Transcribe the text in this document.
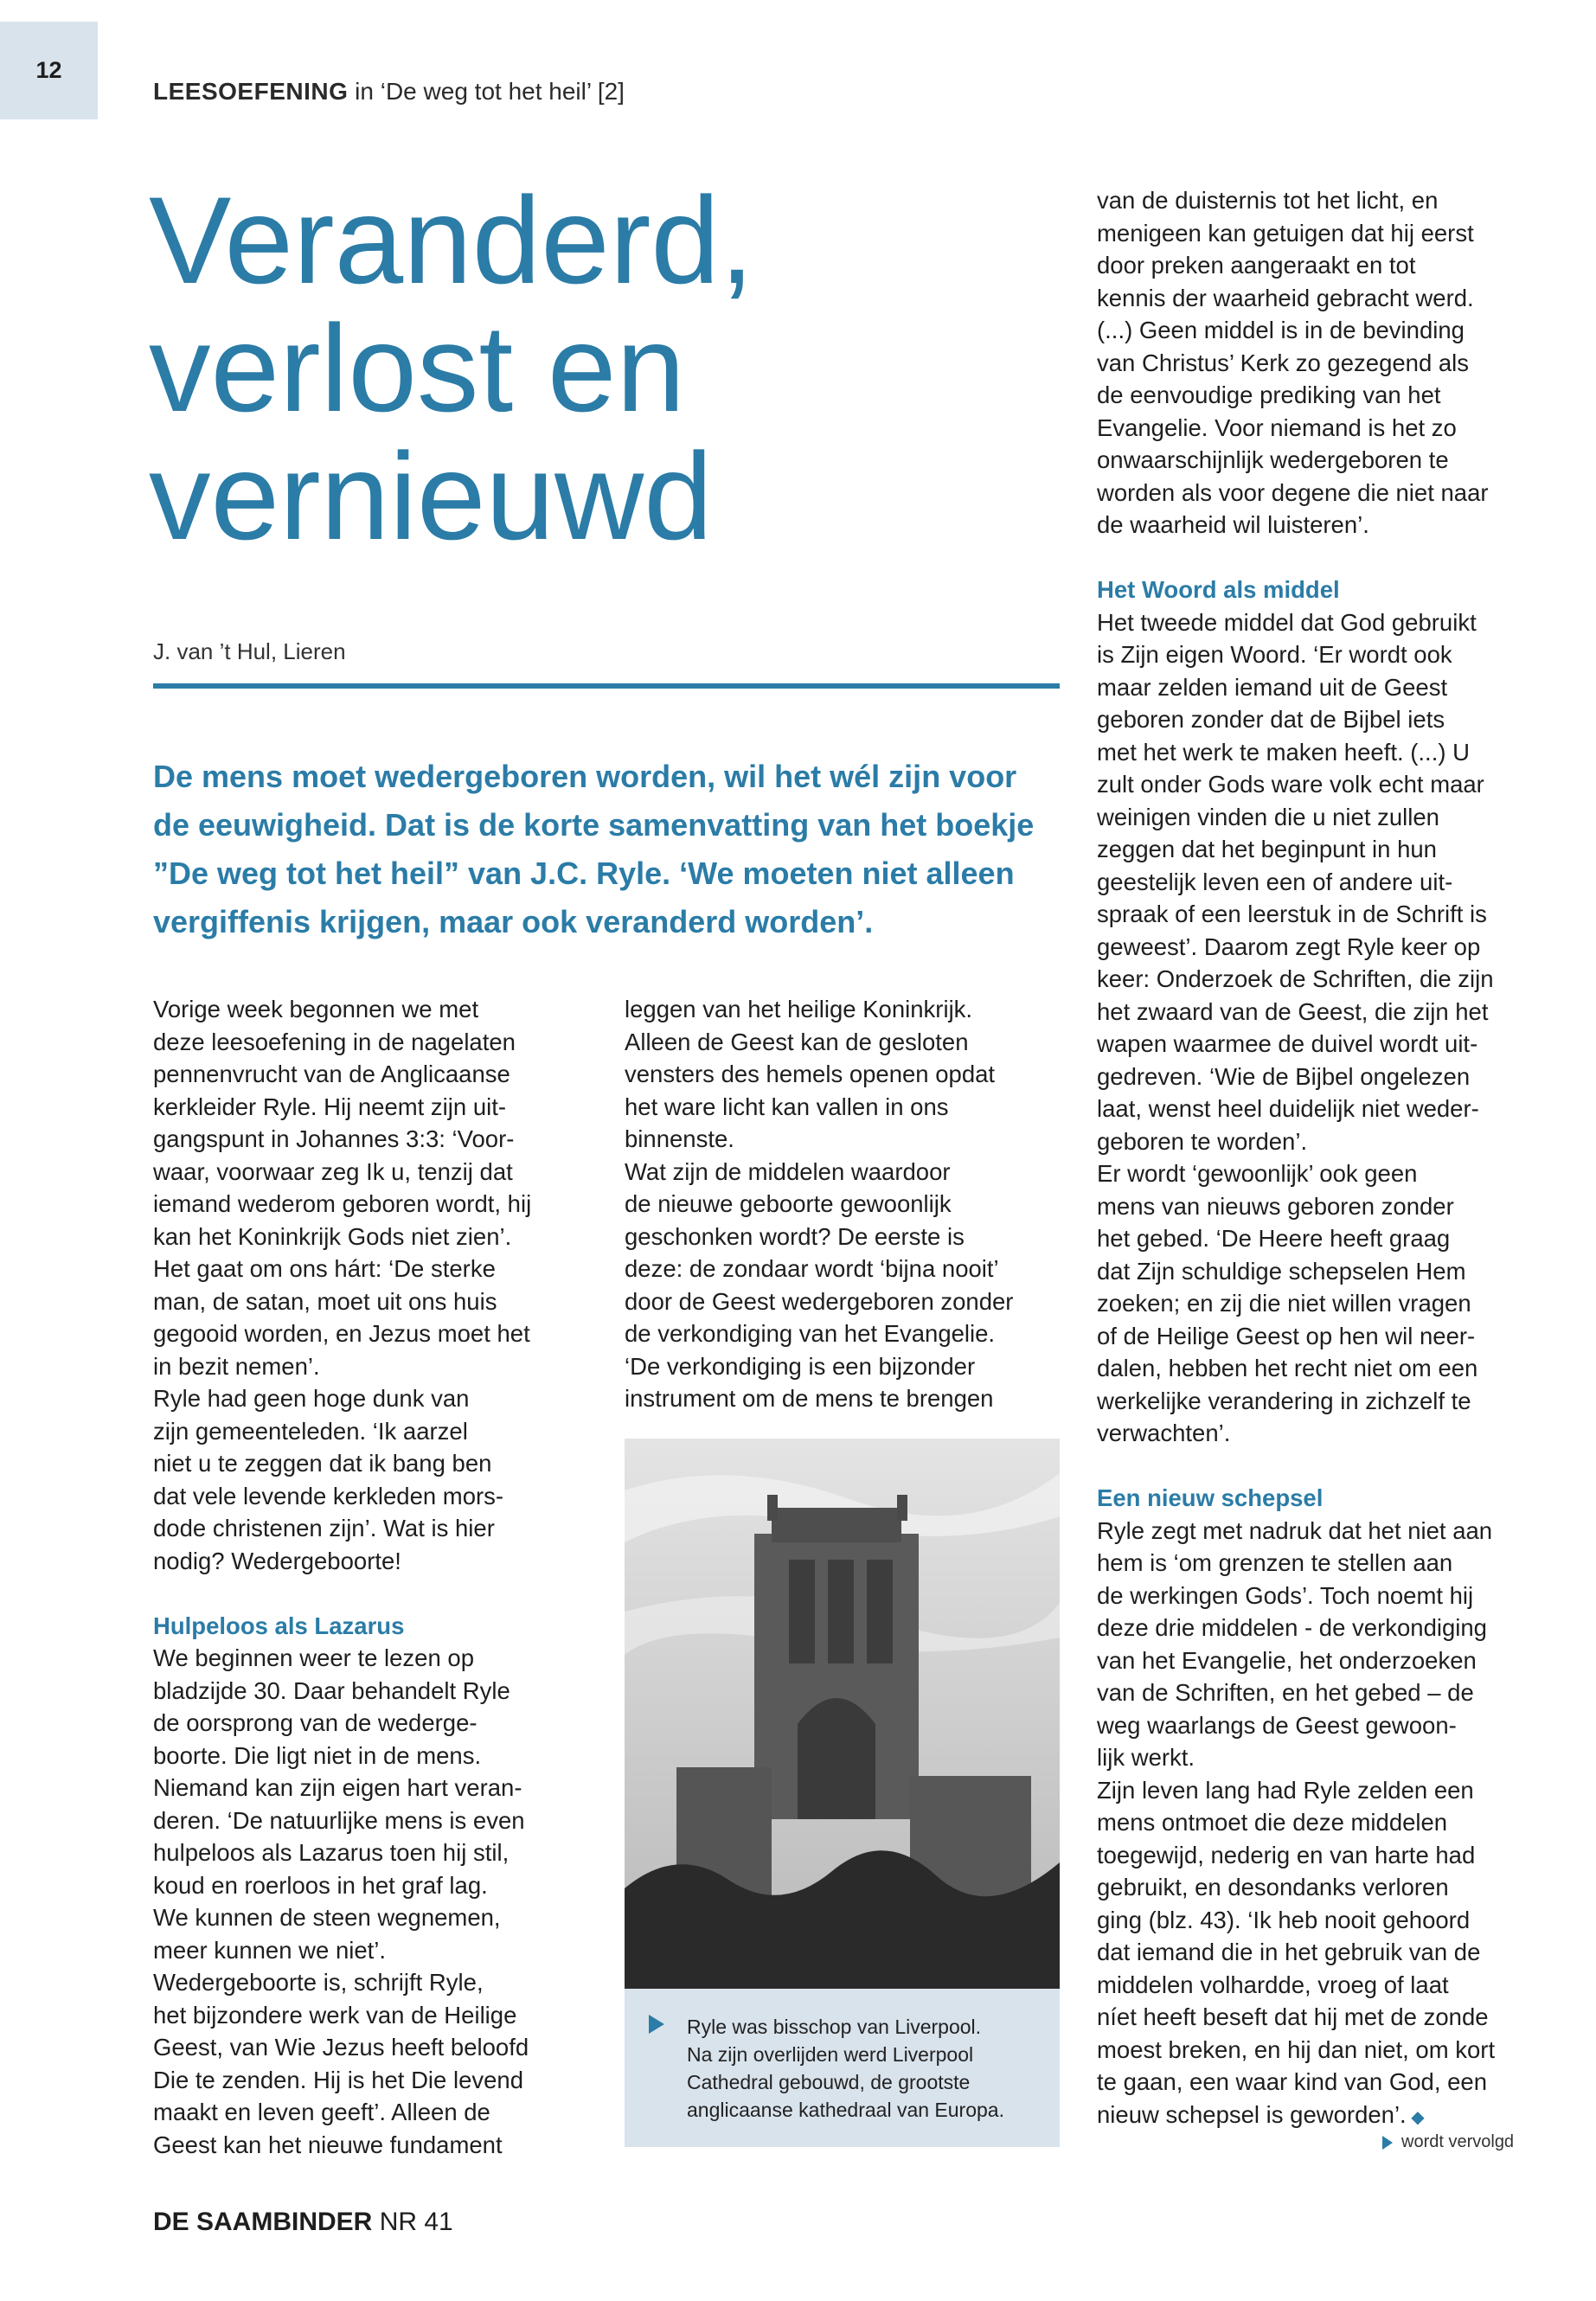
12
LEESOEFENING in ‘De weg tot het heil’ [2]
Veranderd,
verlost en
vernieuwd
J. van ’t Hul, Lieren
De mens moet wedergeboren worden, wil het wél zijn voor
de eeuwigheid. Dat is de korte samenvatting van het boekje
”De weg tot het heil” van J.C. Ryle. ‘We moeten niet alleen
vergiffenis krijgen, maar ook veranderd worden’.
Vorige week begonnen we met
deze leesoefening in de nagelaten
pennenvrucht van de Anglicaanse
kerkleider Ryle. Hij neemt zijn uit-
gangspunt in Johannes 3:3: ‘Voor-
waar, voorwaar zeg Ik u, tenzij dat
iemand wederom geboren wordt, hij
kan het Koninkrijk Gods niet zien’.
Het gaat om ons hárt: ‘De sterke
man, de satan, moet uit ons huis
gegooid worden, en Jezus moet het
in bezit nemen’.
Ryle had geen hoge dunk van
zijn gemeenteleden. ‘Ik aarzel
niet u te zeggen dat ik bang ben
dat vele levende kerkleden mors-
dode christenen zijn’. Wat is hier
nodig? Wedergeboorte!
Hulpeloos als Lazarus
We beginnen weer te lezen op
bladzijde 30. Daar behandelt Ryle
de oorsprong van de wederge-
boorte. Die ligt niet in de mens.
Niemand kan zijn eigen hart veran-
deren. ‘De natuurlijke mens is even
hulpeloos als Lazarus toen hij stil,
koud en roerloos in het graf lag.
We kunnen de steen wegnemen,
meer kunnen we niet’.
Wedergeboorte is, schrijft Ryle,
het bijzondere werk van de Heilige
Geest, van Wie Jezus heeft beloofd
Die te zenden. Hij is het Die levend
maakt en leven geeft’. Alleen de
Geest kan het nieuwe fundament
leggen van het heilige Koninkrijk.
Alleen de Geest kan de gesloten
vensters des hemels openen opdat
het ware licht kan vallen in ons
binnenste.
Wat zijn de middelen waardoor
de nieuwe geboorte gewoonlijk
geschonken wordt? De eerste is
deze: de zondaar wordt ‘bijna nooit’
door de Geest wedergeboren zonder
de verkondiging van het Evangelie.
‘De verkondiging is een bijzonder
instrument om de mens te brengen
Ryle was bisschop van Liverpool.
Na zijn overlijden werd Liverpool
Cathedral gebouwd, de grootste
anglicaanse kathedraal van Europa.
van de duisternis tot het licht, en
menigeen kan getuigen dat hij eerst
door preken aangeraakt en tot
kennis der waarheid gebracht werd.
(...) Geen middel is in de bevinding
van Christus’ Kerk zo gezegend als
de eenvoudige prediking van het
Evangelie. Voor niemand is het zo
onwaarschijnlijk wedergeboren te
worden als voor degene die niet naar
de waarheid wil luisteren’.
Het Woord als middel
Het tweede middel dat God gebruikt
is Zijn eigen Woord. ‘Er wordt ook
maar zelden iemand uit de Geest
geboren zonder dat de Bijbel iets
met het werk te maken heeft. (...) U
zult onder Gods ware volk echt maar
weinigen vinden die u niet zullen
zeggen dat het beginpunt in hun
geestelijk leven een of andere uit-
spraak of een leerstuk in de Schrift is
geweest’. Daarom zegt Ryle keer op
keer: Onderzoek de Schriften, die zijn
het zwaard van de Geest, die zijn het
wapen waarmee de duivel wordt uit-
gedreven. ‘Wie de Bijbel ongelezen
laat, wenst heel duidelijk niet weder-
geboren te worden’.
Er wordt ‘gewoonlijk’ ook geen
mens van nieuws geboren zonder
het gebed. ‘De Heere heeft graag
dat Zijn schuldige schepselen Hem
zoeken; en zij die niet willen vragen
of de Heilige Geest op hen wil neer-
dalen, hebben het recht niet om een
werkelijke verandering in zichzelf te
verwachten’.
Een nieuw schepsel
Ryle zegt met nadruk dat het niet aan
hem is ‘om grenzen te stellen aan
de werkingen Gods’. Toch noemt hij
deze drie middelen - de verkondiging
van het Evangelie, het onderzoeken
van de Schriften, en het gebed – de
weg waarlangs de Geest gewoon-
lijk werkt.
Zijn leven lang had Ryle zelden een
mens ontmoet die deze middelen
toegewijd, nederig en van harte had
gebruikt, en desondanks verloren
ging (blz. 43). ‘Ik heb nooit gehoord
dat iemand die in het gebruik van de
middelen volhardde, vroeg of laat
níet heeft beseft dat hij met de zonde
moest breken, en hij dan niet, om kort
te gaan, een waar kind van God, een
nieuw schepsel is geworden’. ◆
wordt vervolgd
DE SAAMBINDER NR 41
